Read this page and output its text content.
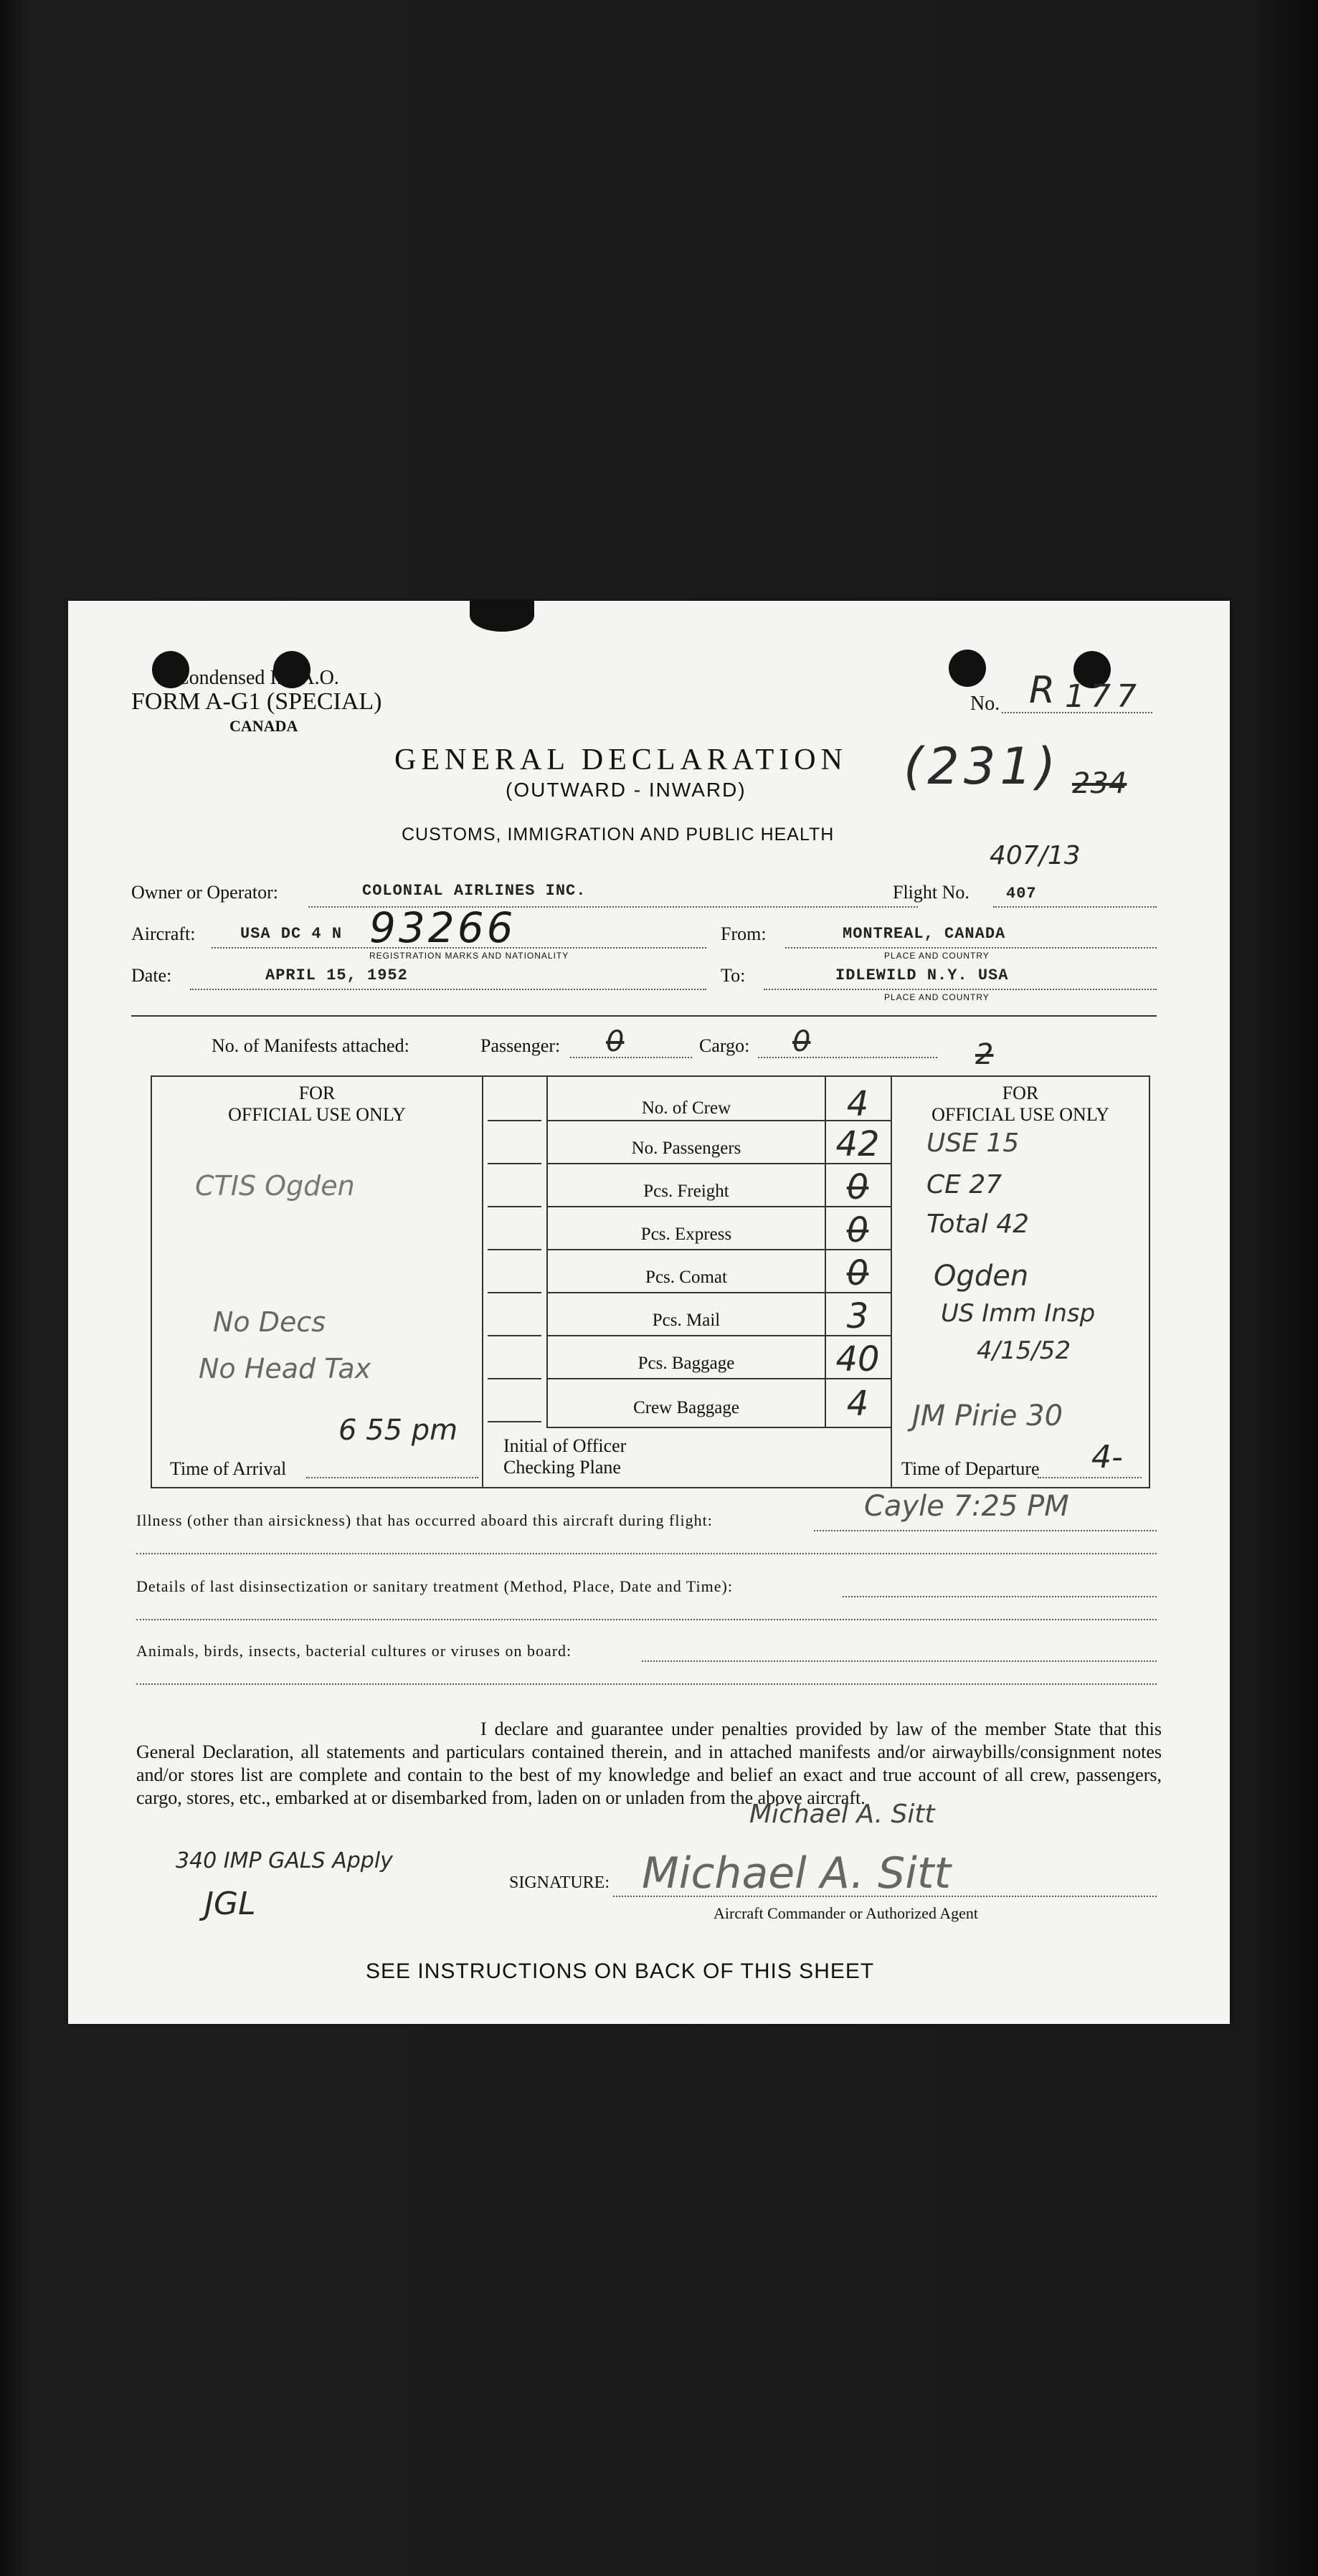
Condensed I.C.A.O.
FORM A-G1 (SPECIAL)
CANADA
No. R 177
GENERAL DECLARATION
(OUTWARD - INWARD)	(231) 234
CUSTOMS, IMMIGRATION AND PUBLIC HEALTH
407/13
Owner or Operator:	COLONIAL AIRLINES INC.	Flight No. 407
Aircraft:	USA DC 4 N 93266
REGISTRATION MARKS AND NATIONALITY
From:	MONTREAL, CANADA
PLACE AND COUNTRY
Date:	APRIL 15, 1952	To:	IDLEWILD N.Y. USA
PLACE AND COUNTRY
No. of Manifests attached:	Passenger: 0	Cargo: 0	2
FOR
OFFICIAL USE ONLY
CTIS Ogden
No Decs
No Head Tax
6 55 pm
Time of Arrival
No. of Crew	4
No. Passengers	42
Pcs. Freight	0
Pcs. Express	0
Pcs. Comat	0
Pcs. Mail	3
Pcs. Baggage	40
Crew Baggage	4
Initial of Officer
Checking Plane
FOR
OFFICIAL USE ONLY
USE 15
CE 27
Total 42
Ogden
US Imm Insp
4/15/52
JM Pirie 30
Time of Departure 4-
Cayle 7:25 PM
Illness (other than airsickness) that has occurred aboard this aircraft during flight:
Details of last disinsectization or sanitary treatment (Method, Place, Date and Time):
Animals, birds, insects, bacterial cultures or viruses on board:
I declare and guarantee under penalties provided by law of the member State that this General Declaration, all statements and particulars contained therein, and in attached manifests and/or airwaybills/consignment notes and/or stores list are complete and contain to the best of my knowledge and belief an exact and true account of all crew, passengers, cargo, stores, etc., embarked at or disembarked from, laden on or unladen from the above aircraft.
Michael A. Sitt
340 IMP GALS Apply
JGL
SIGNATURE: Michael A. Sitt
Aircraft Commander or Authorized Agent
SEE INSTRUCTIONS ON BACK OF THIS SHEET
